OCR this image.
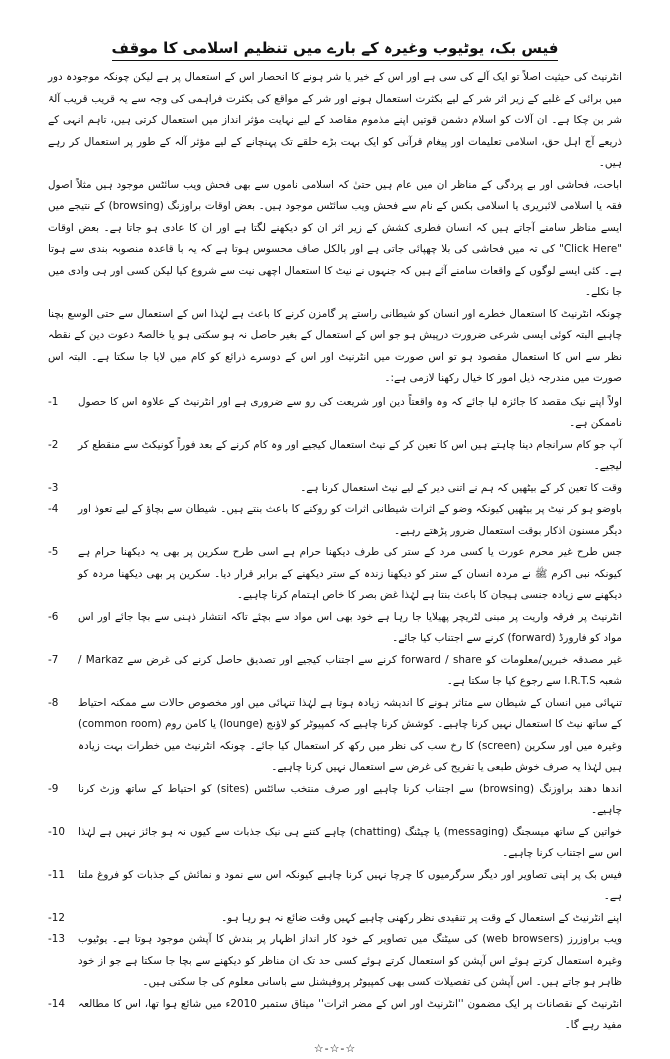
فیس بک، یوٹیوب وغیرہ کے بارے میں تنظیم اسلامی کا موقف

انٹرنیٹ کی حیثیت اصلاً تو ایک آلے کی سی ہے اور اس کے خیر یا شر ہونے کا انحصار اس کے استعمال پر ہے لیکن چونکہ موجودہ دور میں برائی کے غلبے کے زیر اثر شر کے لیے بکثرت استعمال ہونے اور شر کے مواقع کی بکثرت فراہمی کی وجہ سے یہ قریب قریب آلۂ شر بن چکا ہے۔ ان آلات کو اسلام دشمن قوتیں اپنے مذموم مقاصد کے لیے نہایت مؤثر انداز میں استعمال کرتی ہیں، تاہم انہی کے ذریعے آج اہل حق، اسلامی تعلیمات اور پیغام قرآنی کو ایک بہت بڑے حلقے تک پہنچانے کے لیے مؤثر آلہ کے طور پر استعمال کر رہے ہیں۔

اباحت، فحاشی اور بے پردگی کے مناظر ان میں عام ہیں حتیٰ کہ اسلامی ناموں سے بھی فحش ویب سائٹس موجود ہیں مثلاً اصول فقہ یا اسلامی لائبریری یا اسلامی بکس کے نام سے فحش ویب سائٹس موجود ہیں۔ بعض اوقات براوزنگ (browsing) کے نتیجے میں ایسے مناظر سامنے آجاتے ہیں کہ انسان فطری کشش کے زیر اثر ان کو دیکھنے لگتا ہے اور ان کا عادی ہو جاتا ہے۔ بعض اوقات "Click Here" کی تہ میں فحاشی کی بلا چھپائی جاتی ہے اور بالکل صاف محسوس ہوتا ہے کہ یہ با قاعدہ منصوبہ بندی سے ہوتا ہے۔ کئی ایسے لوگوں کے واقعات سامنے آئے ہیں کہ جنہوں نے نیٹ کا استعمال اچھی نیت سے شروع کیا لیکن کسی اور ہی وادی میں جا نکلے۔

چونکہ انٹرنیٹ کا استعمال خطرے اور انسان کو شیطانی راستے پر گامزن کرنے کا باعث ہے لہٰذا اس کے استعمال سے حتی الوسع بچنا چاہیے البتہ کوئی ایسی شرعی ضرورت درپیش ہو جو اس کے استعمال کے بغیر حاصل نہ ہو سکتی ہو یا خالصۃً دعوت دین کے نقطہ نظر سے اس کا استعمال مقصود ہو تو اس صورت میں انٹرنیٹ اور اس کے دوسرے ذرائع کو کام میں لایا جا سکتا ہے۔ البتہ اس صورت میں مندرجہ ذیل امور کا خیال رکھنا لازمی ہے:۔

اولاً اپنے نیک مقصد کا جائزہ لیا جائے کہ وہ واقعتاً دین اور شریعت کی رو سے ضروری ہے اور انٹرنیٹ کے علاوہ اس کا حصول ناممکن ہے۔
-1
آپ جو کام سرانجام دینا چاہتے ہیں اس کا تعین کر کے نیٹ استعمال کیجیے اور وہ کام کرنے کے بعد فوراً کونیکٹ سے منقطع کر لیجیے۔
-2
وقت کا تعین کر کے بیٹھیں کہ ہم نے اتنی دیر کے لیے نیٹ استعمال کرنا ہے۔
-3
باوضو ہو کر نیٹ پر بیٹھیں کیونکہ وضو کے اثرات شیطانی اثرات کو روکنے کا باعث بنتے ہیں۔ شیطان سے بچاؤ کے لیے تعوذ اور دیگر مسنون اذکار بوقت استعمال ضرور پڑھتے رہیے۔
-4
جس طرح غیر محرم عورت یا کسی مرد کے ستر کی طرف دیکھنا حرام ہے اسی طرح سکرین پر بھی یہ دیکھنا حرام ہے کیونکہ نبی اکرم ﷺ نے مردہ انسان کے ستر کو دیکھنا زندہ کے ستر دیکھنے کے برابر قرار دیا۔ سکرین پر بھی دیکھنا مردہ کو دیکھنے سے زیادہ جنسی ہیجان کا باعث بنتا ہے لہٰذا غض بصر کا خاص اہتمام کرنا چاہیے۔
-5
انٹرنیٹ پر فرقہ واریت پر مبنی لٹریچر پھیلایا جا رہا ہے خود بھی اس مواد سے بچئے تاکہ انتشار ذہنی سے بچا جائے اور اس مواد کو فارورڈ (forward) کرنے سے اجتناب کیا جائے۔
-6
غیر مصدقہ خبریں/معلومات کو forward / share کرنے سے اجتناب کیجیے اور تصدیق حاصل کرنے کی غرض سے Markaz / شعبہ I.R.T.S سے رجوع کیا جا سکتا ہے۔
-7
تنہائی میں انسان کے شیطان سے متاثر ہونے کا اندیشہ زیادہ ہوتا ہے لہٰذا تنہائی میں اور مخصوص حالات سے ممکنہ احتیاط کے ساتھ نیٹ کا استعمال نہیں کرنا چاہیے۔ کوشش کرنا چاہیے کہ کمپیوٹر کو لاؤنج (lounge) یا کامن روم (common room) وغیرہ میں اور سکرین (screen) کا رخ سب کی نظر میں رکھ کر استعمال کیا جائے۔ چونکہ انٹرنیٹ میں خطرات بہت زیادہ ہیں لہٰذا یہ صرف خوش طبعی یا تفریح کی غرض سے استعمال نہیں کرنا چاہیے۔
-8
اندھا دھند براوزنگ (browsing) سے اجتناب کرنا چاہیے اور صرف منتخب سائٹس (sites) کو احتیاط کے ساتھ وزٹ کرنا چاہیے۔
-9
خواتین کے ساتھ میسجنگ (messaging) یا چیٹنگ (chatting) چاہے کتنے ہی نیک جذبات سے کیوں نہ ہو جائز نہیں ہے لہٰذا اس سے اجتناب کرنا چاہیے۔
-10
فیس بک پر اپنی تصاویر اور دیگر سرگرمیوں کا چرچا نہیں کرنا چاہیے کیونکہ اس سے نمود و نمائش کے جذبات کو فروغ ملتا ہے۔
-11
اپنے انٹرنیٹ کے استعمال کے وقت پر تنقیدی نظر رکھنی چاہیے کہیں وقت ضائع نہ ہو رہا ہو۔
-12
ویب براوزرز (web browsers) کی سیٹنگ میں تصاویر کے خود کار انداز اظہار پر بندش کا آپشن موجود ہوتا ہے۔ یوٹیوب وغیرہ استعمال کرتے ہوئے اس آپشن کو استعمال کرتے ہوئے کسی حد تک ان مناظر کو دیکھنے سے بچا جا سکتا ہے جو از خود ظاہر ہو جاتے ہیں۔ اس آپشن کی تفصیلات کسی بھی کمپیوٹر پروفیشنل سے باسانی معلوم کی جا سکتی ہیں۔
-13
انٹرنیٹ کے نقصانات پر ایک مضمون ''انٹرنیٹ اور اس کے مضر اثرات'' میثاق ستمبر 2010ء میں شائع ہوا تھا، اس کا مطالعہ مفید رہے گا۔
-14
☆-☆-☆
